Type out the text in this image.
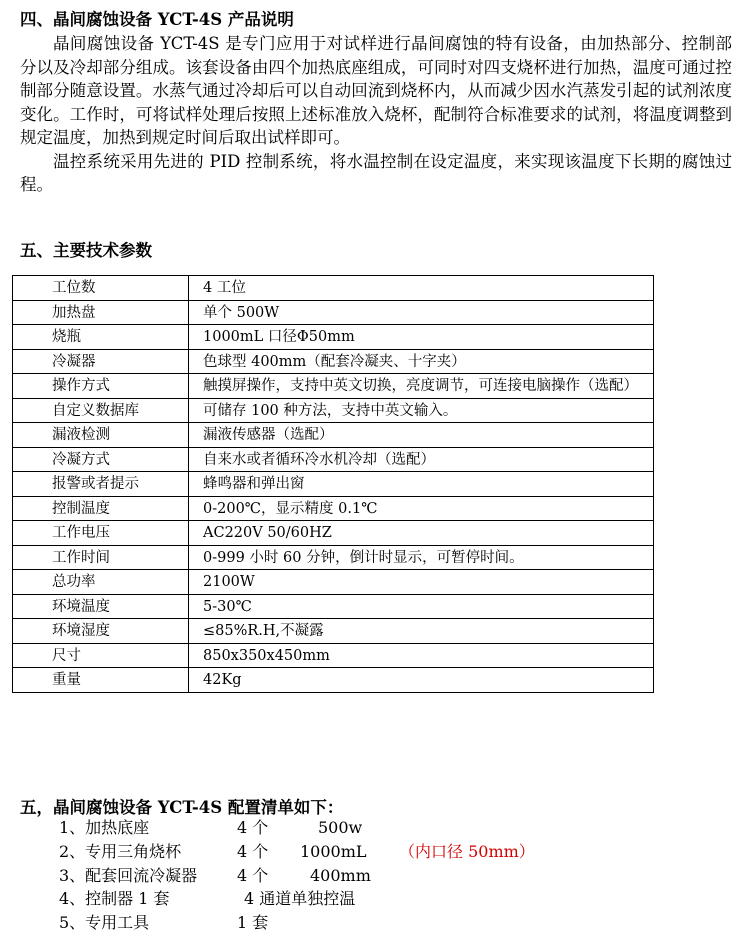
四、晶间腐蚀设备 YCT-4S 产品说明

晶间腐蚀设备 YCT-4S 是专门应用于对试样进行晶间腐蚀的特有设备，由加热部分、控制部分以及冷却部分组成。该套设备由四个加热底座组成，可同时对四支烧杯进行加热，温度可通过控制部分随意设置。水蒸气通过冷却后可以自动回流到烧杯内，从而减少因水汽蒸发引起的试剂浓度变化。工作时，可将试样处理后按照上述标准放入烧杯，配制符合标准要求的试剂，将温度调整到规定温度，加热到规定时间后取出试样即可。

温控系统采用先进的 PID 控制系统，将水温控制在设定温度，来实现该温度下长期的腐蚀过程。

五、主要技术参数
工位数	4 工位
加热盘	单个 500W
烧瓶	1000mL 口径Φ50mm
冷凝器	色球型 400mm（配套冷凝夹、十字夹）
操作方式	触摸屏操作，支持中英文切换，亮度调节，可连接电脑操作（选配）
自定义数据库	可储存 100 种方法，支持中英文输入。
漏液检测	漏液传感器（选配）
冷凝方式	自来水或者循环冷水机冷却（选配）
报警或者提示	蜂鸣器和弹出窗
控制温度	0-200℃，显示精度 0.1℃
工作电压	AC220V 50/60HZ
工作时间	0-999 小时 60 分钟，倒计时显示，可暂停时间。
总功率	2100W
环境温度	5-30℃
环境湿度	≤85%R.H,不凝露
尺寸	850x350x450mm
重量	42Kg
五，晶间腐蚀设备 YCT-4S 配置清单如下：
1、加热底座	4 个	500w
2、专用三角烧杯	4 个 1000mL （内口径 50mm）
3、配套回流冷凝器 4 个	400mm
4、控制器 1 套	4 通道单独控温
5、专用工具	1 套
